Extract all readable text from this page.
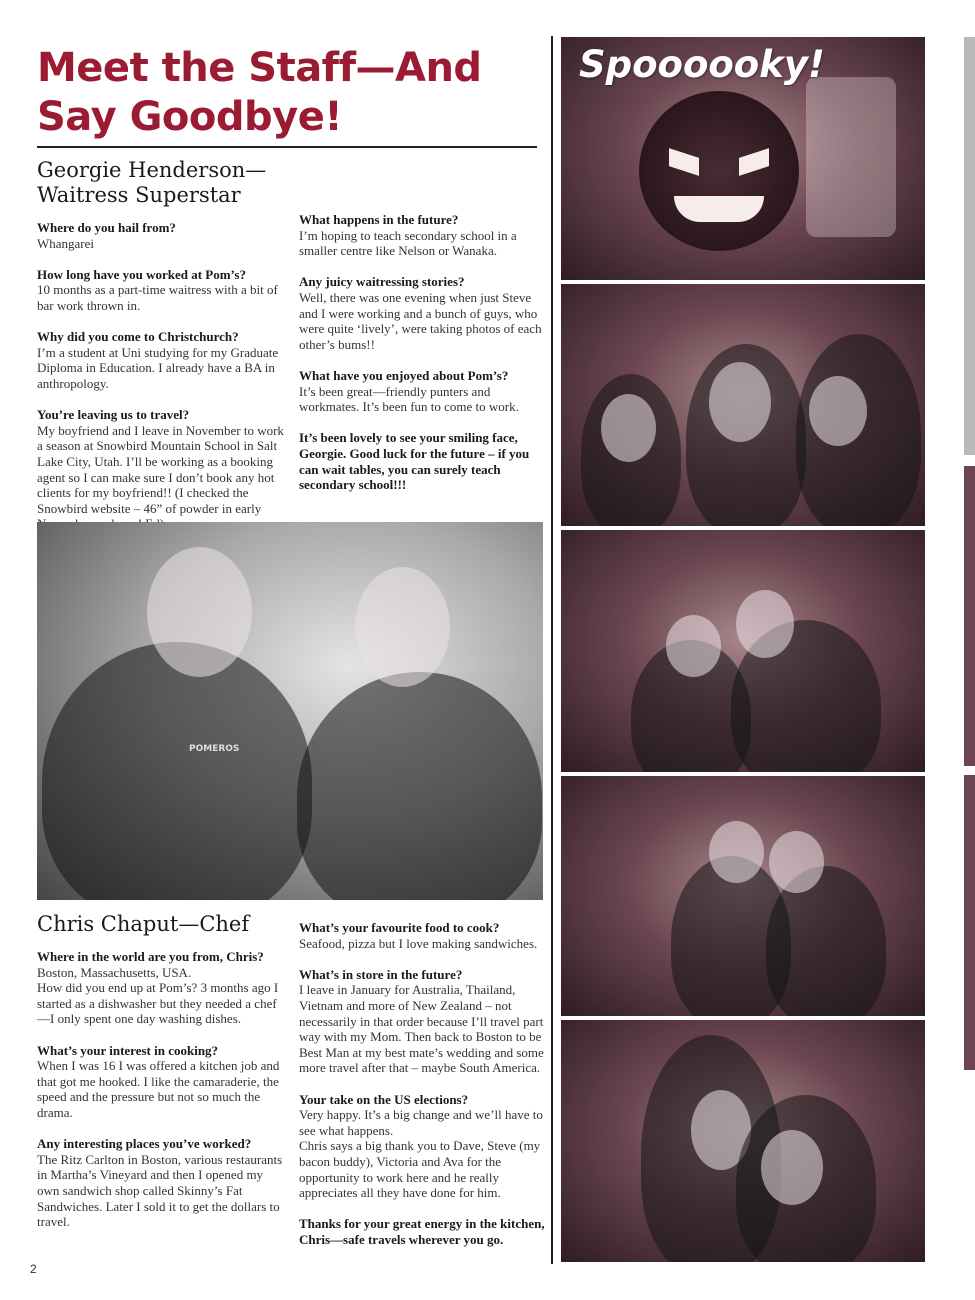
Meet the Staff—And Say Goodbye!
Georgie Henderson—Waitress Superstar
Where do you hail from?
Whangarei
How long have you worked at Pom’s?
10 months as a part-time waitress with a bit of bar work thrown in.
Why did you come to Christchurch?
I’m a student at Uni studying for my Graduate Diploma in Education. I already have a BA in anthropology.
You’re leaving us to travel?
My boyfriend and I leave in November to work a season at Snowbird Mountain School in Salt Lake City, Utah. I’ll be working as a booking agent so I can make sure I don’t book any hot clients for my boyfriend!! (I checked the Snowbird website – 46” of powder in early
What happens in the future?
I’m hoping to teach secondary school in a smaller centre like Nelson or Wanaka.
Any juicy waitressing stories?
Well, there was one evening when just Steve and I were working and a bunch of guys, who were quite ‘lively’, were taking photos of each other’s bums!!
What have you enjoyed about Pom’s?
It’s been great—friendly punters and workmates. It’s been fun to come to work.

It’s been lovely to see your smiling face, Georgie. Good luck for the future – if you can wait tables, you can surely teach secondary school!!!

POMEROS
Chris Chaput—Chef
Where in the world are you from, Chris?
Boston, Massachusetts, USA.
How did you end up at Pom’s? 3 months ago I started as a dishwasher but they needed a chef—I only spent one day washing dishes.
What’s your interest in cooking?
When I was 16 I was offered a kitchen job and that got me hooked. I like the camaraderie, the speed and the pressure but not so much the drama.
Any interesting places you’ve worked?
The Ritz Carlton in Boston, various restaurants in Martha’s Vineyard and then I opened my own sandwich shop called Skinny’s Fat Sandwiches. Later I sold it to get the dollars to travel.
What’s your favourite food to cook?
Seafood, pizza but I love making sandwiches.
What’s in store in the future?
I leave in January for Australia, Thailand, Vietnam and more of New Zealand – not necessarily in that order because I’ll travel part way with my Mom. Then back to Boston to be Best Man at my best mate’s wedding and some more travel after that – maybe South America.
Your take on the US elections?
Very happy. It’s a big change and we’ll have to see what happens.
Chris says a big thank you to Dave, Steve (my bacon buddy), Victoria and Ava for the opportunity to work here and he really appreciates all they have done for him.

Thanks for your great energy in the kitchen, Chris—safe travels wherever you go.

Spoooooky!

2
